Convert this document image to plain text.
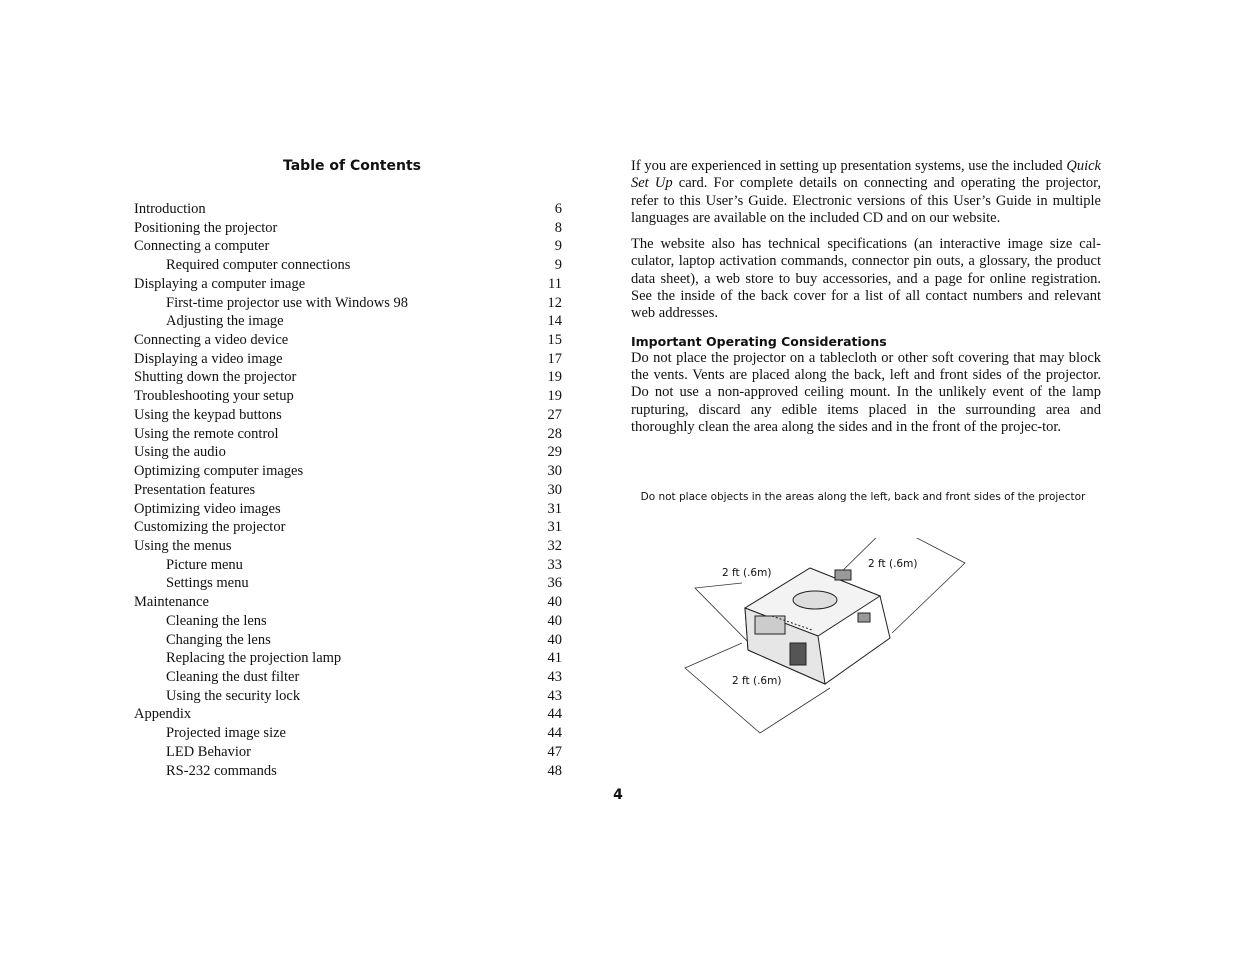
Table of Contents
Introduction	6
Positioning the projector	8
Connecting a computer	9
Required computer connections	9
Displaying a computer image	11
First-time projector use with Windows 98	12
Adjusting the image	14
Connecting a video device	15
Displaying a video image	17
Shutting down the projector	19
Troubleshooting your setup	19
Using the keypad buttons	27
Using the remote control	28
Using the audio	29
Optimizing computer images	30
Presentation features	30
Optimizing video images	31
Customizing the projector	31
Using the menus	32
Picture menu	33
Settings menu	36
Maintenance	40
Cleaning the lens	40
Changing the lens	40
Replacing the projection lamp	41
Cleaning the dust filter	43
Using the security lock	43
Appendix	44
Projected image size	44
LED Behavior	47
RS-232 commands	48

If you are experienced in setting up presentation systems, use the included Quick Set Up card. For complete details on connecting and operating the projector, refer to this User’s Guide. Electronic versions of this User’s Guide in multiple languages are available on the included CD and on our website.

The website also has technical specifications (an interactive image size cal-culator, laptop activation commands, connector pin outs, a glossary, the product data sheet), a web store to buy accessories, and a page for online registration. See the inside of the back cover for a list of all contact numbers and relevant web addresses.

Important Operating Considerations

Do not place the projector on a tablecloth or other soft covering that may block the vents. Vents are placed along the back, left and front sides of the projector. Do not use a non-approved ceiling mount. In the unlikely event of the lamp rupturing, discard any edible items placed in the surrounding area and thoroughly clean the area along the sides and in the front of the projec-tor.

Do not place objects in the areas along the left, back and front sides of the projector
2 ft (.6m)
2 ft (.6m)
2 ft (.6m)
4
